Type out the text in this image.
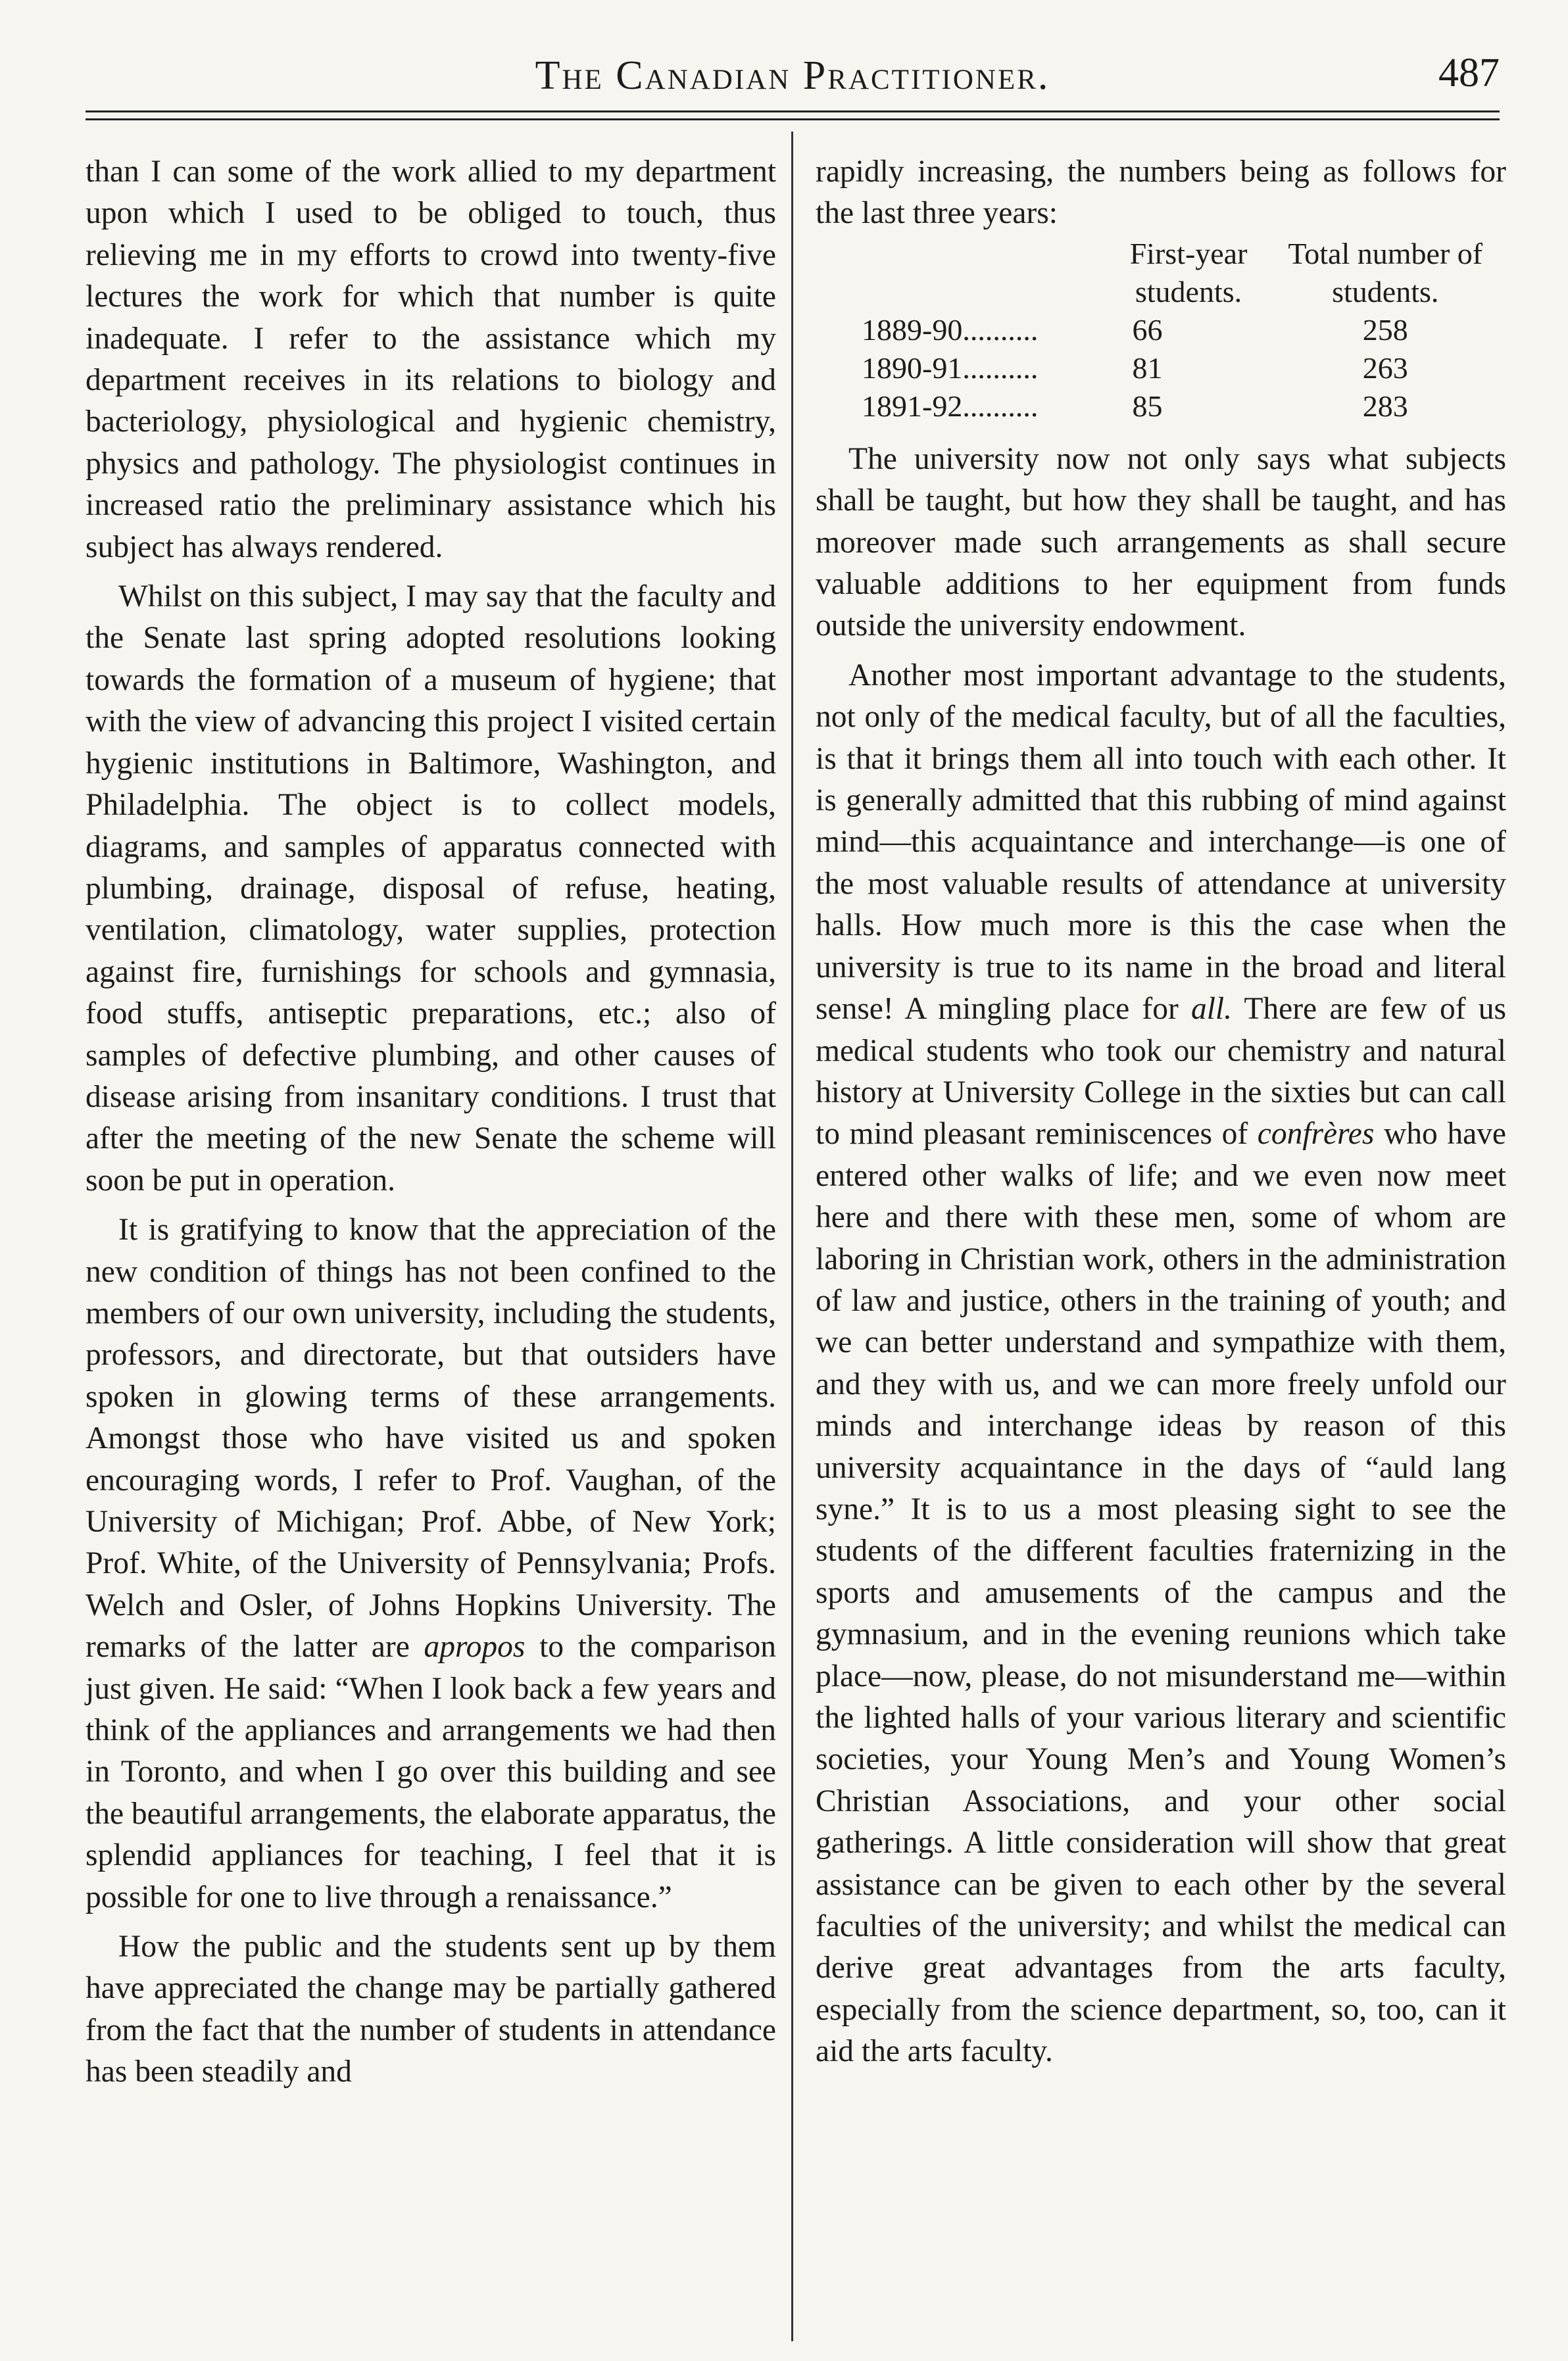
The Canadian Practitioner.	487

than I can some of the work allied to my department upon which I used to be obliged to touch, thus relieving me in my efforts to crowd into twenty-five lectures the work for which that number is quite inadequate. I refer to the assistance which my department receives in its relations to biology and bacteriology, physiological and hygienic chemistry, physics and pathology. The physiologist continues in increased ratio the preliminary assistance which his subject has always rendered.

Whilst on this subject, I may say that the faculty and the Senate last spring adopted resolutions looking towards the formation of a museum of hygiene; that with the view of advancing this project I visited certain hygienic institutions in Baltimore, Washington, and Philadelphia. The object is to collect models, diagrams, and samples of apparatus connected with plumbing, drainage, disposal of refuse, heating, ventilation, climatology, water supplies, protection against fire, furnishings for schools and gymnasia, food stuffs, antiseptic preparations, etc.; also of samples of defective plumbing, and other causes of disease arising from insanitary conditions. I trust that after the meeting of the new Senate the scheme will soon be put in operation.

It is gratifying to know that the appreciation of the new condition of things has not been confined to the members of our own university, including the students, professors, and directorate, but that outsiders have spoken in glowing terms of these arrangements. Amongst those who have visited us and spoken encouraging words, I refer to Prof. Vaughan, of the University of Michigan; Prof. Abbe, of New York; Prof. White, of the University of Pennsylvania; Profs. Welch and Osler, of Johns Hopkins University. The remarks of the latter are apropos to the comparison just given. He said: “When I look back a few years and think of the appliances and arrangements we had then in Toronto, and when I go over this building and see the beautiful arrangements, the elaborate apparatus, the splendid appliances for teaching, I feel that it is possible for one to live through a renaissance.”

How the public and the students sent up by them have appreciated the change may be partially gathered from the fact that the number of students in attendance has been steadily and

rapidly increasing, the numbers being as follows for the last three years:

	First-year students.	Total number of students.
1889-90..........	66	258
1890-91..........	81	263
1891-92..........	85	283

The university now not only says what subjects shall be taught, but how they shall be taught, and has moreover made such arrangements as shall secure valuable additions to her equipment from funds outside the university endowment.

Another most important advantage to the students, not only of the medical faculty, but of all the faculties, is that it brings them all into touch with each other. It is generally admitted that this rubbing of mind against mind—this acquaintance and interchange—is one of the most valuable results of attendance at university halls. How much more is this the case when the university is true to its name in the broad and literal sense! A mingling place for all. There are few of us medical students who took our chemistry and natural history at University College in the sixties but can call to mind pleasant reminiscences of confrères who have entered other walks of life; and we even now meet here and there with these men, some of whom are laboring in Christian work, others in the administration of law and justice, others in the training of youth; and we can better understand and sympathize with them, and they with us, and we can more freely unfold our minds and interchange ideas by reason of this university acquaintance in the days of “auld lang syne.” It is to us a most pleasing sight to see the students of the different faculties fraternizing in the sports and amusements of the campus and the gymnasium, and in the evening reunions which take place—now, please, do not misunderstand me—within the lighted halls of your various literary and scientific societies, your Young Men’s and Young Women’s Christian Associations, and your other social gatherings. A little consideration will show that great assistance can be given to each other by the several faculties of the university; and whilst the medical can derive great advantages from the arts faculty, especially from the science department, so, too, can it aid the arts faculty.
